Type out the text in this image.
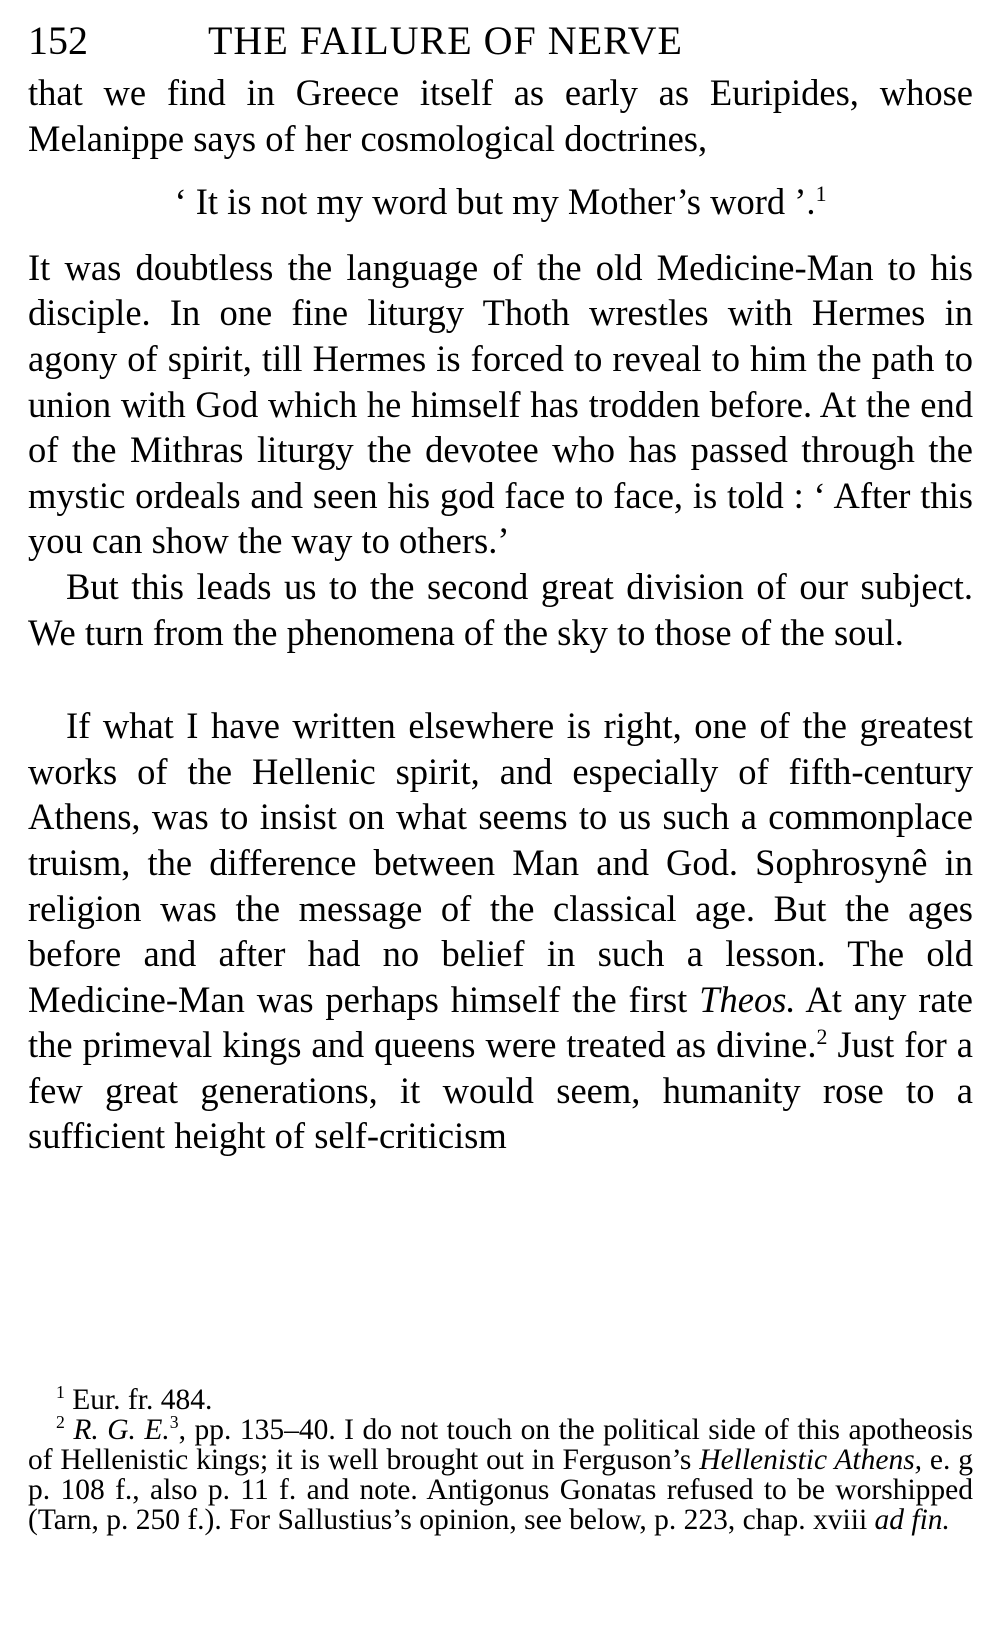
152	THE FAILURE OF NERVE

that we find in Greece itself as early as Euripides, whose Melanippe says of her cosmological doctrines,

‘ It is not my word but my Mother’s word ’.$^1$

It was doubtless the language of the old Medicine-Man to his disciple. In one fine liturgy Thoth wrestles with Hermes in agony of spirit, till Hermes is forced to reveal to him the path to union with God which he himself has trodden before. At the end of the Mithras liturgy the devotee who has passed through the mystic ordeals and seen his god face to face, is told : ‘ After this you can show the way to others.’

But this leads us to the second great division of our subject. We turn from the phenomena of the sky to those of the soul.

If what I have written elsewhere is right, one of the greatest works of the Hellenic spirit, and especially of fifth-century Athens, was to insist on what seems to us such a commonplace truism, the difference between Man and God. Sophrosynê in religion was the message of the classical age. But the ages before and after had no belief in such a lesson. The old Medicine-Man was perhaps himself the first Theos. At any rate the primeval kings and queens were treated as divine.$^2$ Just for a few great generations, it would seem, humanity rose to a sufficient height of self-criticism

$^1$ Eur. fr. 484.

$^2$ R. G. E.$^3$, pp. 135–40. I do not touch on the political side of this apotheosis of Hellenistic kings; it is well brought out in Ferguson’s Hellenistic Athens, e. g p. 108 f., also p. 11 f. and note. Antigonus Gonatas refused to be worshipped (Tarn, p. 250 f.). For Sallustius’s opinion, see below, p. 223, chap. xviii ad fin.
